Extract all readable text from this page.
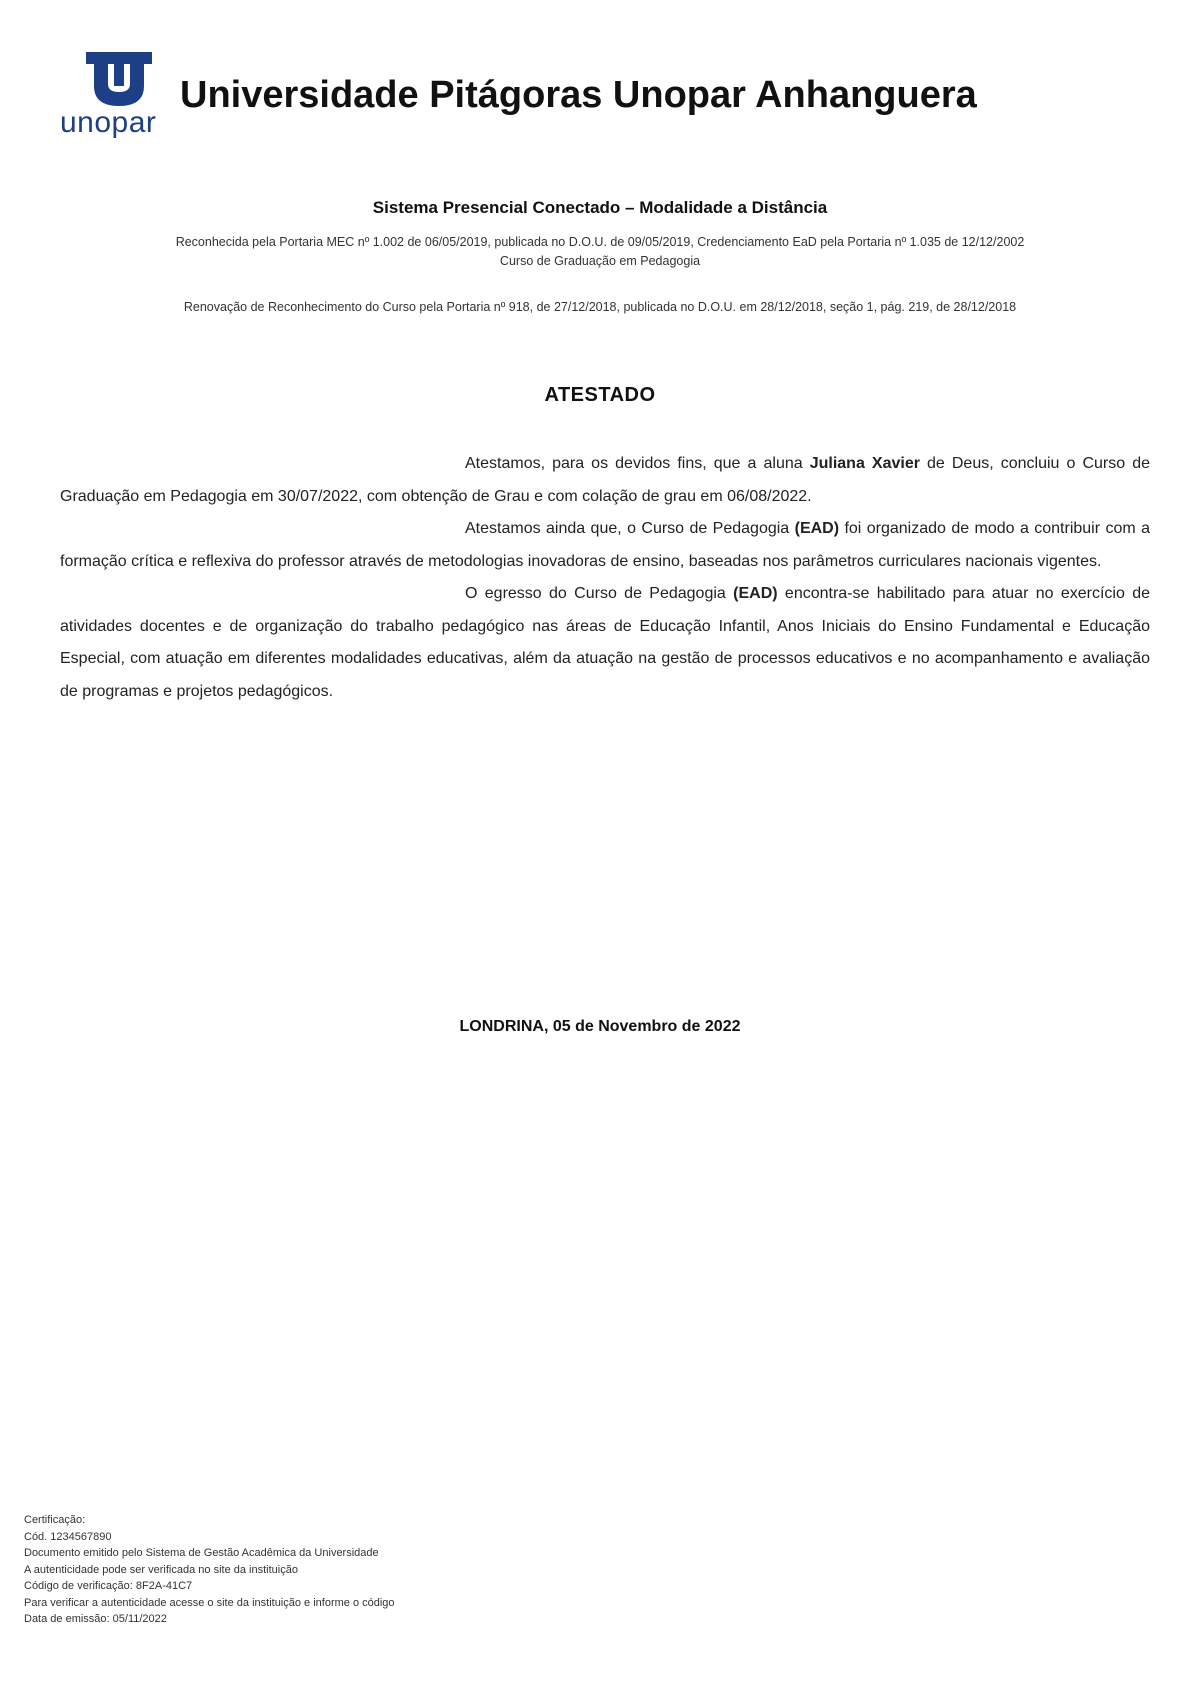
unopar
Universidade Pitágoras Unopar Anhanguera
Sistema Presencial Conectado – Modalidade a Distância
Reconhecida pela Portaria MEC nº 1.002 de 06/05/2019, publicada no D.O.U. de 09/05/2019, Credenciamento EaD pela Portaria nº 1.035 de 12/12/2002
Curso de Graduação em Pedagogia
Renovação de Reconhecimento do Curso pela Portaria nº 918, de 27/12/2018, publicada no D.O.U. em 28/12/2018, seção 1, pág. 219, de 28/12/2018
ATESTADO

Atestamos, para os devidos fins, que a aluna Juliana Xavier de Deus, concluiu o Curso de Graduação em Pedagogia em 30/07/2022, com obtenção de Grau e com colação de grau em 06/08/2022.

Atestamos ainda que, o Curso de Pedagogia (EAD) foi organizado de modo a contribuir com a formação crítica e reflexiva do professor através de metodologias inovadoras de ensino, baseadas nos parâmetros curriculares nacionais vigentes.

O egresso do Curso de Pedagogia (EAD) encontra-se habilitado para atuar no exercício de atividades docentes e de organização do trabalho pedagógico nas áreas de Educação Infantil, Anos Iniciais do Ensino Fundamental e Educação Especial, com atuação em diferentes modalidades educativas, além da atuação na gestão de processos educativos e no acompanhamento e avaliação de programas e projetos pedagógicos.

LONDRINA, 05 de Novembro de 2022
Certificação:
Cód. 1234567890
Documento emitido pelo Sistema de Gestão Acadêmica da Universidade
A autenticidade pode ser verificada no site da instituição
Código de verificação: 8F2A-41C7
Para verificar a autenticidade acesse o site da instituição e informe o código
Data de emissão: 05/11/2022
